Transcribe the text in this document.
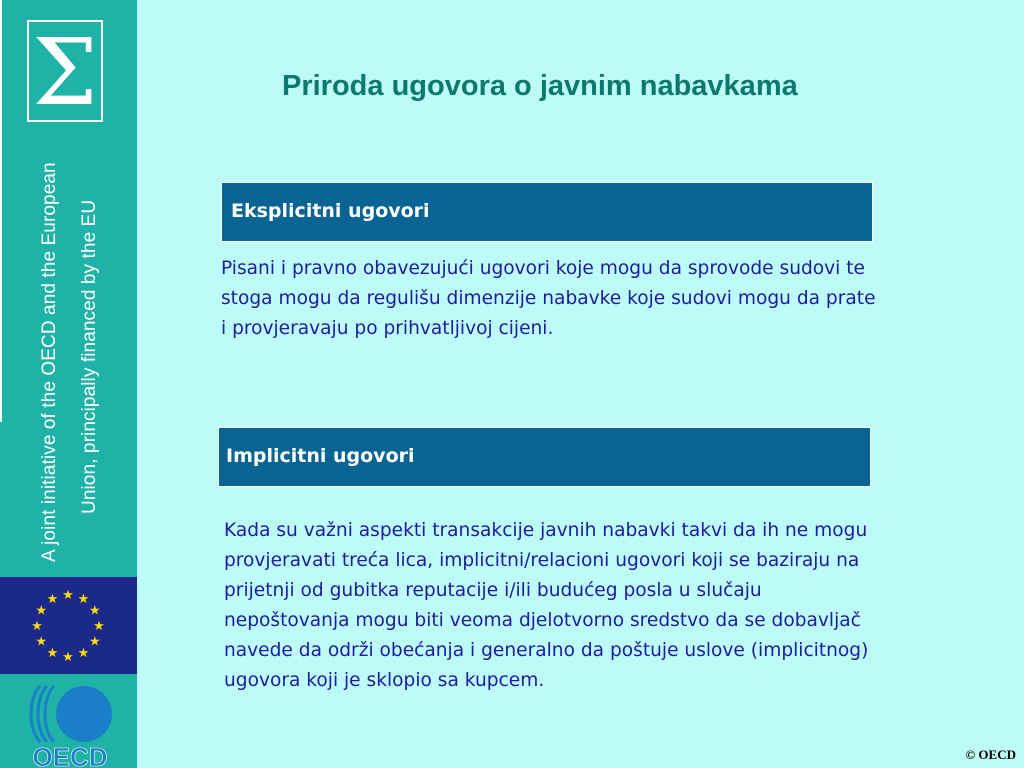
Σ
A joint initiative of the OECD and the European Union, principally financed by the EU
★ ★
★
★
★
★
★
★
★
★
★
★
OECD
Priroda ugovora o javnim nabavkama
Eksplicitni ugovori

Pisani i pravno obavezujući ugovori koje mogu da sprovode sudovi te
stoga mogu da regulišu dimenzije nabavke koje sudovi mogu da prate
i provjeravaju po prihvatljivoj cijeni.

Implicitni ugovori

Kada su važni aspekti transakcije javnih nabavki takvi da ih ne mogu
provjeravati treća lica, implicitni/relacioni ugovori koji se baziraju na
prijetnji od gubitka reputacije i/ili budućeg posla u slučaju
nepoštovanja mogu biti veoma djelotvorno sredstvo da se dobavljač
navede da održi obećanja i generalno da poštuje uslove (implicitnog)
ugovora koji je sklopio sa kupcem.

© OECD
